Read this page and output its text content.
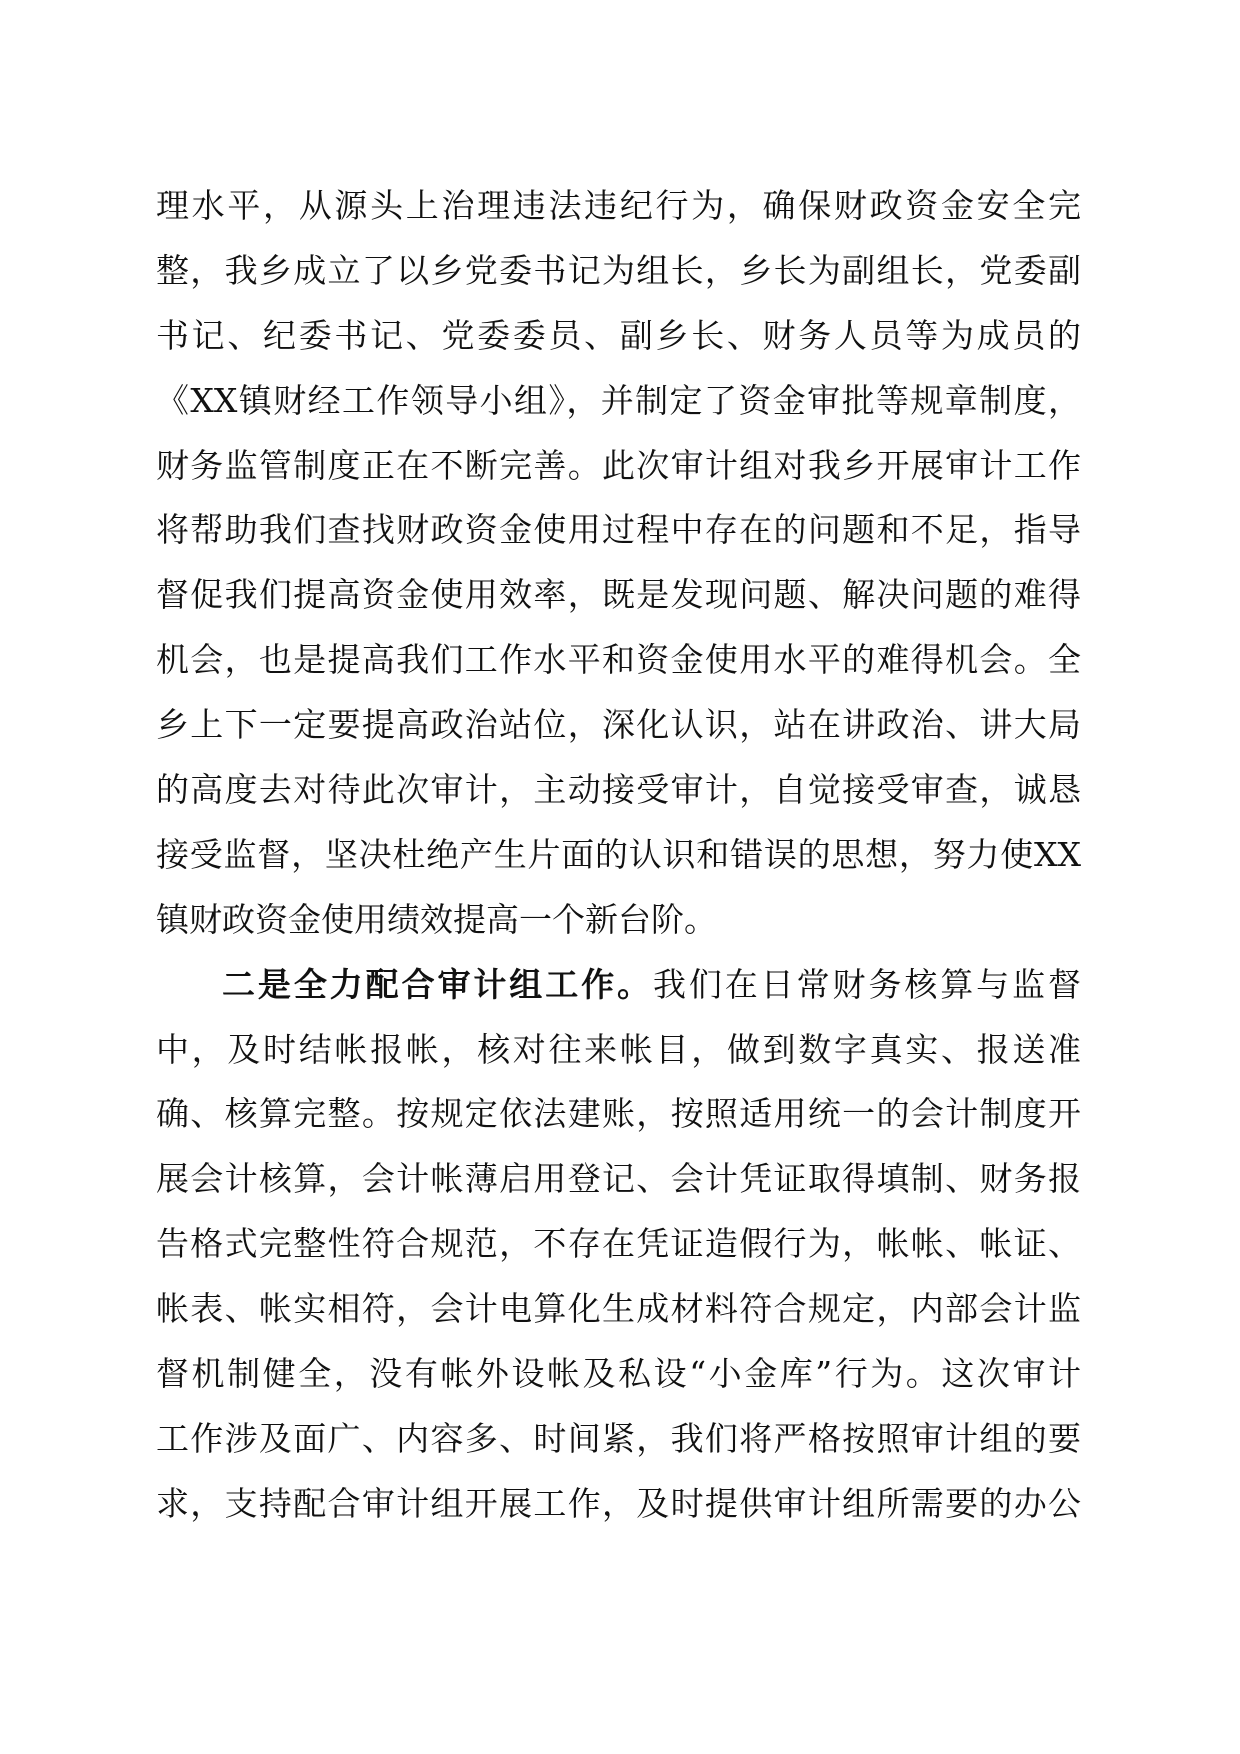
理水平，从源头上治理违法违纪行为，确保财政资金安全完
整，我乡成立了以乡党委书记为组长，乡长为副组长，党委副
书记、纪委书记、党委委员、副乡长、财务人员等为成员的
《XX镇财经工作领导小组》，并制定了资金审批等规章制度，
财务监管制度正在不断完善。此次审计组对我乡开展审计工作
将帮助我们查找财政资金使用过程中存在的问题和不足，指导
督促我们提高资金使用效率，既是发现问题、解决问题的难得
机会，也是提高我们工作水平和资金使用水平的难得机会。全
乡上下一定要提高政治站位，深化认识，站在讲政治、讲大局
的高度去对待此次审计，主动接受审计，自觉接受审查，诚恳
接受监督，坚决杜绝产生片面的认识和错误的思想，努力使XX
镇财政资金使用绩效提高一个新台阶。
二是全力配合审计组工作。我们在日常财务核算与监督
中，及时结帐报帐，核对往来帐目，做到数字真实、报送准
确、核算完整。按规定依法建账，按照适用统一的会计制度开
展会计核算，会计帐薄启用登记、会计凭证取得填制、财务报
告格式完整性符合规范，不存在凭证造假行为，帐帐、帐证、
帐表、帐实相符，会计电算化生成材料符合规定，内部会计监
督机制健全，没有帐外设帐及私设“小金库”行为。这次审计
工作涉及面广、内容多、时间紧，我们将严格按照审计组的要
求，支持配合审计组开展工作，及时提供审计组所需要的办公
